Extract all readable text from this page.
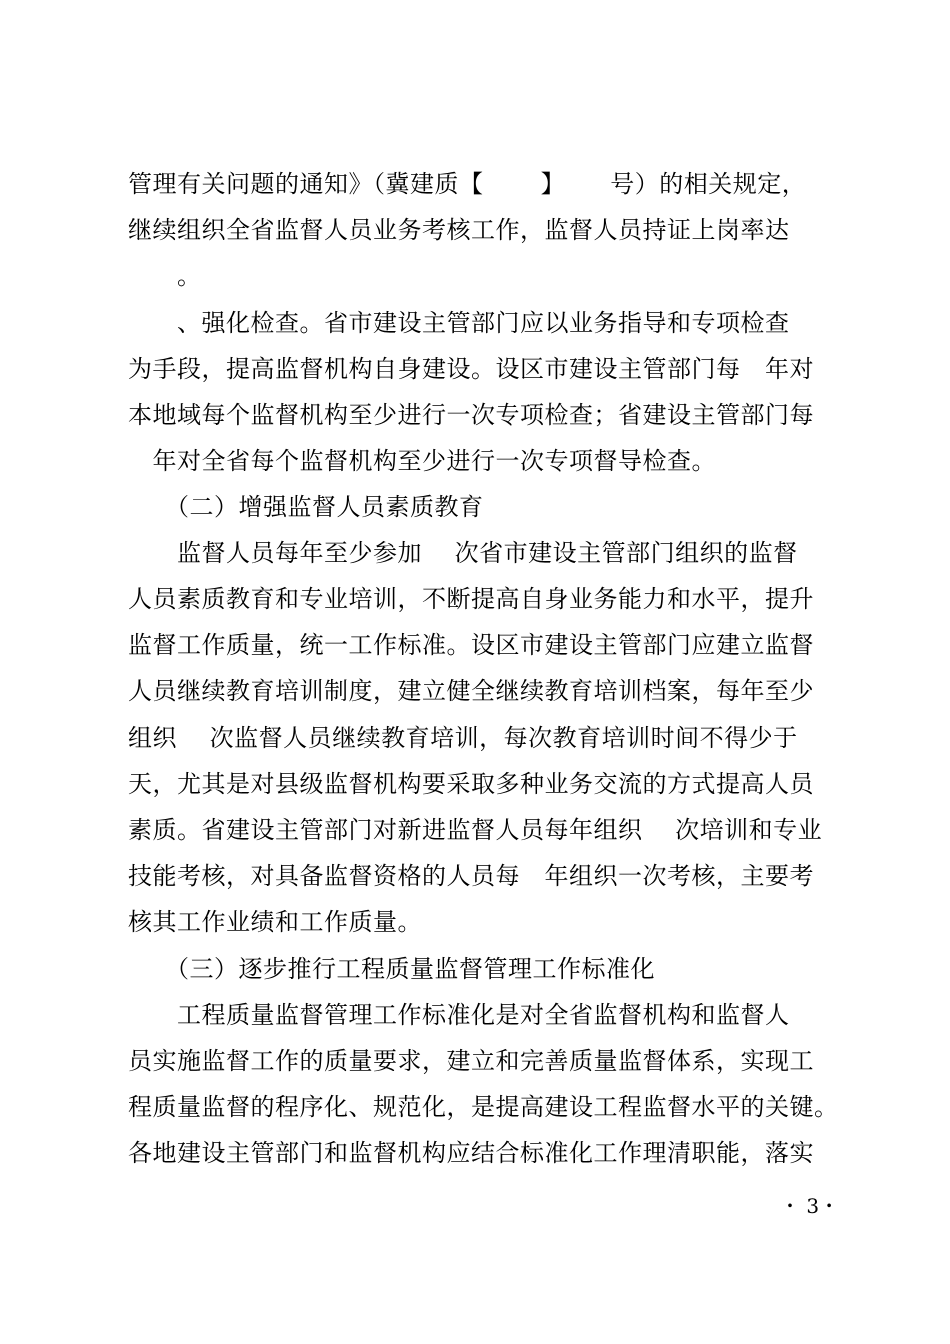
管理有关问题的通知》（冀建质【　　 】　　 号）的相关规定，
继续组织全省监督人员业务考核工作，监督人员持证上岗率达
　　。
　　、强化检查。省市建设主管部门应以业务指导和专项检查
为手段，提高监督机构自身建设。设区市建设主管部门每　年对
本地域每个监督机构至少进行一次专项检查；省建设主管部门每
　年对全省每个监督机构至少进行一次专项督导检查。
　　（二）增强监督人员素质教育
　　监督人员每年至少参加　 次省市建设主管部门组织的监督
人员素质教育和专业培训，不断提高自身业务能力和水平，提升
监督工作质量，统一工作标准。设区市建设主管部门应建立监督
人员继续教育培训制度，建立健全继续教育培训档案，每年至少
组织　 次监督人员继续教育培训，每次教育培训时间不得少于
天，尤其是对县级监督机构要采取多种业务交流的方式提高人员
素质。省建设主管部门对新进监督人员每年组织　 次培训和专业
技能考核，对具备监督资格的人员每　年组织一次考核，主要考
核其工作业绩和工作质量。
　　（三）逐步推行工程质量监督管理工作标准化
　　工程质量监督管理工作标准化是对全省监督机构和监督人
员实施监督工作的质量要求，建立和完善质量监督体系，实现工
程质量监督的程序化、规范化，是提高建设工程监督水平的关键。
各地建设主管部门和监督机构应结合标准化工作理清职能，落实
・ 3・
